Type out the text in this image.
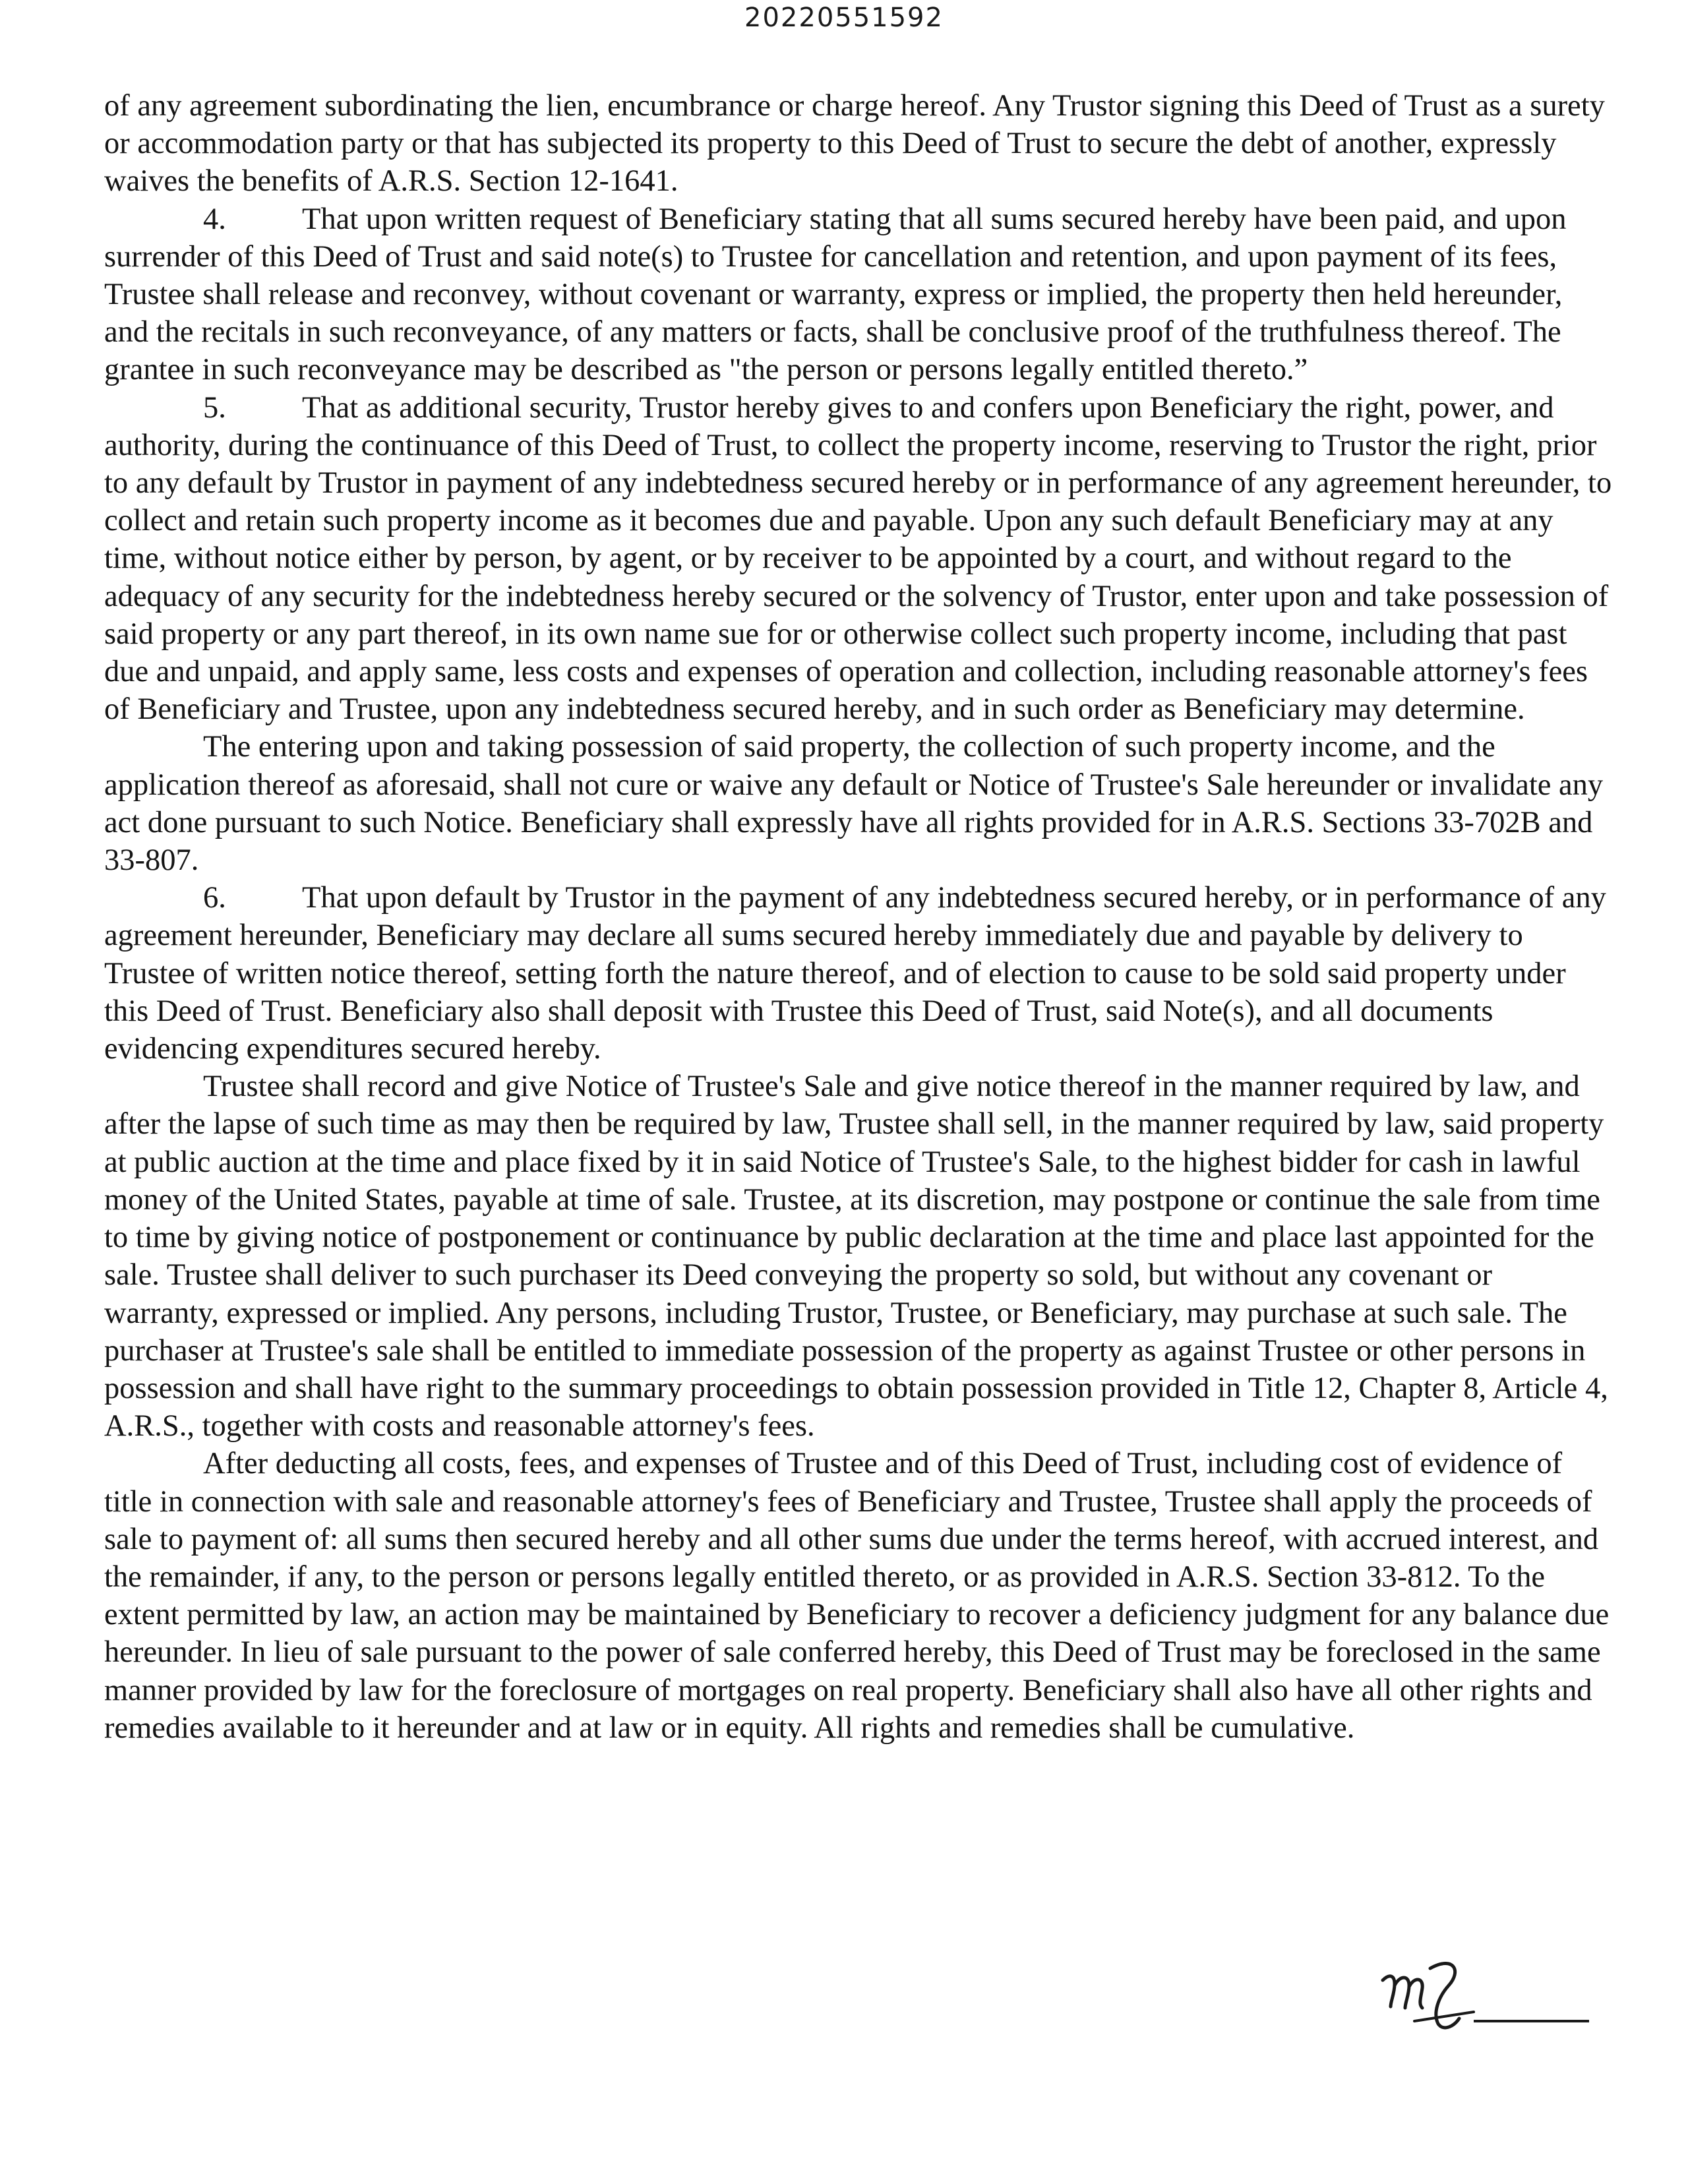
20220551592

of any agreement subordinating the lien, encumbrance or charge hereof. Any Trustor signing this Deed of Trust as a surety or accommodation party or that has subjected its property to this Deed of Trust to secure the debt of another, expressly waives the benefits of A.R.S. Section 12-1641.

4. That upon written request of Beneficiary stating that all sums secured hereby have been paid, and upon surrender of this Deed of Trust and said note(s) to Trustee for cancellation and retention, and upon payment of its fees, Trustee shall release and reconvey, without covenant or warranty, express or implied, the property then held hereunder, and the recitals in such reconveyance, of any matters or facts, shall be conclusive proof of the truthfulness thereof. The grantee in such reconveyance may be described as "the person or persons legally entitled thereto.”

5. That as additional security, Trustor hereby gives to and confers upon Beneficiary the right, power, and authority, during the continuance of this Deed of Trust, to collect the property income, reserving to Trustor the right, prior to any default by Trustor in payment of any indebtedness secured hereby or in performance of any agreement hereunder, to collect and retain such property income as it becomes due and payable. Upon any such default Beneficiary may at any time, without notice either by person, by agent, or by receiver to be appointed by a court, and without regard to the adequacy of any security for the indebtedness hereby secured or the solvency of Trustor, enter upon and take possession of said property or any part thereof, in its own name sue for or otherwise collect such property income, including that past due and unpaid, and apply same, less costs and expenses of operation and collection, including reasonable attorney's fees of Beneficiary and Trustee, upon any indebtedness secured hereby, and in such order as Beneficiary may determine.

The entering upon and taking possession of said property, the collection of such property income, and the application thereof as aforesaid, shall not cure or waive any default or Notice of Trustee's Sale hereunder or invalidate any act done pursuant to such Notice. Beneficiary shall expressly have all rights provided for in A.R.S. Sections 33-702B and 33-807.

6. That upon default by Trustor in the payment of any indebtedness secured hereby, or in performance of any agreement hereunder, Beneficiary may declare all sums secured hereby immediately due and payable by delivery to Trustee of written notice thereof, setting forth the nature thereof, and of election to cause to be sold said property under this Deed of Trust. Beneficiary also shall deposit with Trustee this Deed of Trust, said Note(s), and all documents evidencing expenditures secured hereby.

Trustee shall record and give Notice of Trustee's Sale and give notice thereof in the manner required by law, and after the lapse of such time as may then be required by law, Trustee shall sell, in the manner required by law, said property at public auction at the time and place fixed by it in said Notice of Trustee's Sale, to the highest bidder for cash in lawful money of the United States, payable at time of sale. Trustee, at its discretion, may postpone or continue the sale from time to time by giving notice of postponement or continuance by public declaration at the time and place last appointed for the sale. Trustee shall deliver to such purchaser its Deed conveying the property so sold, but without any covenant or warranty, expressed or implied. Any persons, including Trustor, Trustee, or Beneficiary, may purchase at such sale. The purchaser at Trustee's sale shall be entitled to immediate possession of the property as against Trustee or other persons in possession and shall have right to the summary proceedings to obtain possession provided in Title 12, Chapter 8, Article 4, A.R.S., together with costs and reasonable attorney's fees.

After deducting all costs, fees, and expenses of Trustee and of this Deed of Trust, including cost of evidence of title in connection with sale and reasonable attorney's fees of Beneficiary and Trustee, Trustee shall apply the proceeds of sale to payment of: all sums then secured hereby and all other sums due under the terms hereof, with accrued interest, and the remainder, if any, to the person or persons legally entitled thereto, or as provided in A.R.S. Section 33-812. To the extent permitted by law, an action may be maintained by Beneficiary to recover a deficiency judgment for any balance due hereunder. In lieu of sale pursuant to the power of sale conferred hereby, this Deed of Trust may be foreclosed in the same manner provided by law for the foreclosure of mortgages on real property. Beneficiary shall also have all other rights and remedies available to it hereunder and at law or in equity. All rights and remedies shall be cumulative.
